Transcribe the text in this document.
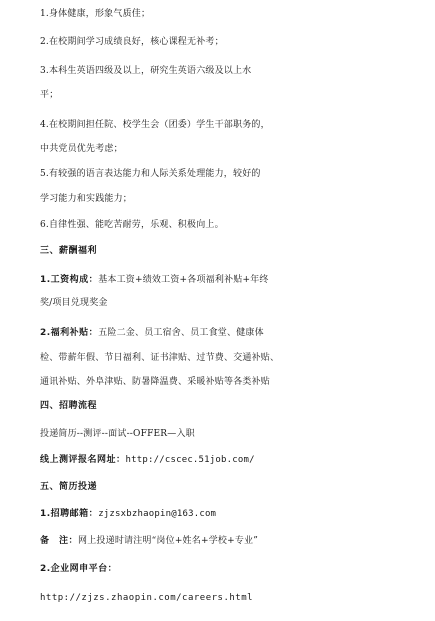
1.身体健康，形象气质佳；
2.在校期间学习成绩良好，核心课程无补考；
3.本科生英语四级及以上，研究生英语六级及以上水
平；
4.在校期间担任院、校学生会（团委）学生干部职务的，
中共党员优先考虑；
5.有较强的语言表达能力和人际关系处理能力，较好的
学习能力和实践能力；
6.自律性强、能吃苦耐劳，乐观、积极向上。
三、薪酬福利
1.工资构成：基本工资+绩效工资+各项福利补贴+年终
奖/项目兑现奖金
2.福利补贴：五险二金、员工宿舍、员工食堂、健康体
检、带薪年假、节日福利、证书津贴、过节费、交通补贴、
通讯补贴、外阜津贴、防暑降温费、采暖补贴等各类补贴
四、招聘流程
投递简历--测评--面试--OFFER—入职
线上测评报名网址：http://cscec.51job.com/
五、简历投递
1.招聘邮箱：zjzsxbzhaopin@163.com
备　注：网上投递时请注明“岗位+姓名+学校+专业”
2.企业网申平台：
http://zjzs.zhaopin.com/careers.html
